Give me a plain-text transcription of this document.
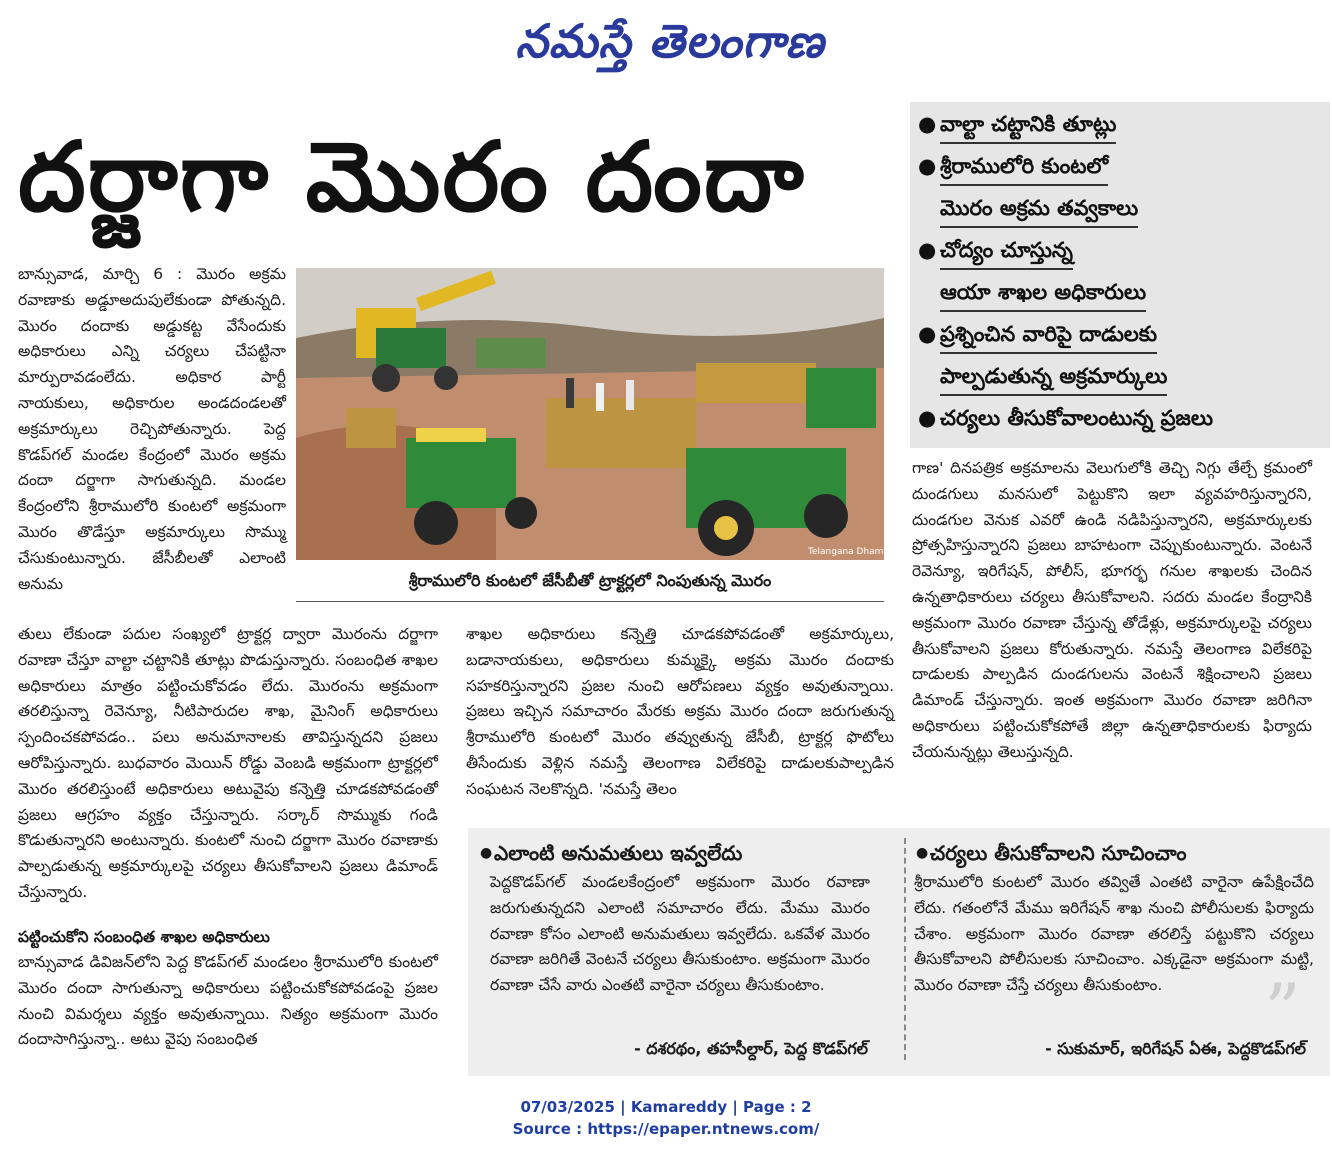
నమస్తే తెలంగాణ
దర్జాగా మొరం దందా	● వాల్టా చట్టానికి తూట్లు
● శ్రీరాములోరి కుంటలో
మొరం అక్రమ తవ్వకాలు
● చోద్యం చూస్తున్న
ఆయా శాఖల అధికారులు
● ప్రశ్నించిన వారిపై దాడులకు
పాల్పడుతున్న అక్రమార్కులు
● చర్యలు తీసుకోవాలంటున్న ప్రజలు
Telangana Dhamma
శ్రీరాములోరి కుంటలో జేసీబీతో ట్రాక్టర్లలో నింపుతున్న మొరం

బాన్సువాడ, మార్చి 6 : మొరం అక్రమ రవాణాకు అడ్డూఅదుపులేకుండా పోతున్నది. మొరం దందాకు అడ్డుకట్ట వేసేందుకు అధికారులు ఎన్ని చర్యలు చేపట్టినా మార్పురావడంలేదు. అధికార పార్టీ నాయకులు, అధికారుల అండదండలతో అక్రమార్కులు రెచ్చిపోతున్నారు. పెద్ద కొడప్‌గల్ మండల కేంద్రంలో మొరం అక్రమ దందా దర్జాగా సాగుతున్నది. మండల కేంద్రంలోని శ్రీరాములోరి కుంటలో అక్రమంగా మొరం తొడేస్తూ అక్రమార్కులు సొమ్ము చేసుకుంటున్నారు. జేసీబీలతో ఎలాంటి అనుమ

తులు లేకుండా పదుల సంఖ్యలో ట్రాక్టర్ల ద్వారా మొరంను దర్జాగా రవాణా చేస్తూ వాల్టా చట్టానికి తూట్లు పొడుస్తున్నారు. సంబంధిత శాఖల అధికారులు మాత్రం పట్టించుకోవడం లేదు. మొరంను అక్రమంగా తరలిస్తున్నా రెవెన్యూ, నీటిపారుదల శాఖ, మైనింగ్ అధికారులు స్పందించకపోవడం.. పలు అనుమానాలకు తావిస్తున్నదని ప్రజలు ఆరోపిస్తున్నారు. బుధవారం మెయిన్ రోడ్డు వెంబడి అక్రమంగా ట్రాక్టర్లలో మొరం తరలిస్తుంటే అధికారులు అటువైపు కన్నెత్తి చూడకపోవడంతో ప్రజలు ఆగ్రహం వ్యక్తం చేస్తున్నారు. సర్కార్ సొమ్ముకు గండి కొడుతున్నారని అంటున్నారు. కుంటలో నుంచి దర్జాగా మొరం రవాణాకు పాల్పడుతున్న అక్రమార్కులపై చర్యలు తీసుకోవాలని ప్రజలు డిమాండ్ చేస్తున్నారు.

పట్టించుకోని సంబంధిత శాఖల అధికారులు

బాన్సువాడ డివిజన్‌లోని పెద్ద కొడప్‌గల్ మండలం శ్రీరాములోరి కుంటలో మొరం దందా సాగుతున్నా అధికారులు పట్టించుకోకపోవడంపై ప్రజల నుంచి విమర్శలు వ్యక్తం అవుతున్నాయి. నిత్యం అక్రమంగా మొరం దందాసాగిస్తున్నా.. అటు వైపు సంబంధిత

శాఖల అధికారులు కన్నెత్తి చూడకపోవడంతో అక్రమార్కులు, బడానాయకులు, అధికారులు కుమ్మక్కై అక్రమ మొరం దందాకు సహకరిస్తున్నారని ప్రజల నుంచి ఆరోపణలు వ్యక్తం అవుతున్నాయి. ప్రజలు ఇచ్చిన సమాచారం మేరకు అక్రమ మొరం దందా జరుగుతున్న శ్రీరాములోరి కుంటలో మొరం తవ్వుతున్న జేసీబీ, ట్రాక్టర్ల ఫొటోలు తీసేందుకు వెళ్లిన నమస్తే తెలంగాణ విలేకరిపై దాడులకుపాల్పడిన సంఘటన నెలకొన్నది. 'నమస్తే తెలం

గాణ' దినపత్రిక అక్రమాలను వెలుగులోకి తెచ్చి నిగ్గు తేల్చే క్రమంలో దుండగులు మనసులో పెట్టుకొని ఇలా వ్యవహరిస్తున్నారని, దుండగుల వెనుక ఎవరో ఉండి నడిపిస్తున్నారని, అక్రమార్కులకు ప్రోత్సహిస్తున్నారని ప్రజలు బాహటంగా చెప్పుకుంటున్నారు. వెంటనే రెవెన్యూ, ఇరిగేషన్, పోలీస్, భూగర్భ గనుల శాఖలకు చెందిన ఉన్నతాధికారులు చర్యలు తీసుకోవాలని. సదరు మండల కేంద్రానికి అక్రమంగా మొరం రవాణా చేస్తున్న తోడేళ్లు, అక్రమార్కులపై చర్యలు తీసుకోవాలని ప్రజలు కోరుతున్నారు. నమస్తే తెలంగాణ విలేకరిపై దాడులకు పాల్పడిన దుండగులను వెంటనే శిక్షించాలని ప్రజలు డిమాండ్ చేస్తున్నారు. ఇంత అక్రమంగా మొరం రవాణా జరిగినా అధికారులు పట్టించుకోకపోతే జిల్లా ఉన్నతాధికారులకు ఫిర్యాదు చేయనున్నట్లు తెలుస్తున్నది.

”
● ఎలాంటి అనుమతులు ఇవ్వలేదు
పెద్దకొడప్‌గల్ మండలకేంద్రంలో అక్రమంగా మొరం రవాణా జరుగుతున్నదని ఎలాంటి సమాచారం లేదు. మేము మొరం రవాణా కోసం ఎలాంటి అనుమతులు ఇవ్వలేదు. ఒకవేళ మొరం రవాణా జరిగితే వెంటనే చర్యలు తీసుకుంటాం. అక్రమంగా మొరం రవాణా చేసే వారు ఎంతటి వారైనా చర్యలు తీసుకుంటాం.
- దశరథం, తహసీల్దార్, పెద్ద కొడప్‌గల్
● చర్యలు తీసుకోవాలని సూచించాం
శ్రీరాములోరి కుంటలో మొరం తవ్వితే ఎంతటి వారైనా ఉపేక్షించేది లేదు. గతంలోనే మేము ఇరిగేషన్ శాఖ నుంచి పోలీసులకు ఫిర్యాదు చేశాం. అక్రమంగా మొరం రవాణా తరలిస్తే పట్టుకొని చర్యలు తీసుకోవాలని పోలీసులకు సూచించాం. ఎక్కడైనా అక్రమంగా మట్టి, మొరం రవాణా చేస్తే చర్యలు తీసుకుంటాం.
- సుకుమార్, ఇరిగేషన్ ఏఈ, పెద్దకొడప్‌గల్
07/03/2025 | Kamareddy | Page : 2
Source : https://epaper.ntnews.com/
